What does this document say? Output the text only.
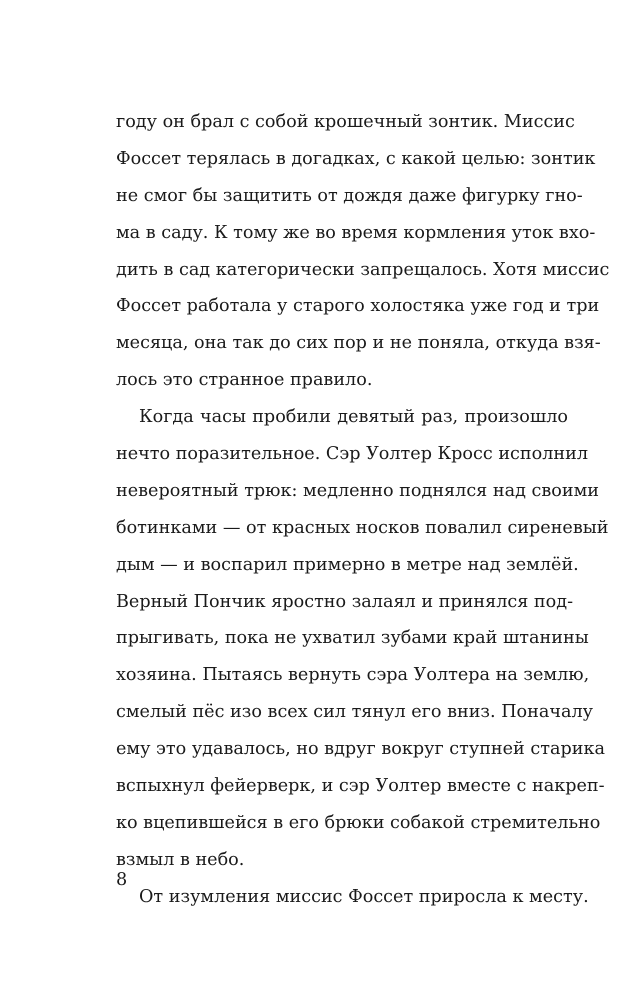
году он брал с собой крошечный зонтик. Миссис
Фоссет терялась в догадках, с какой целью: зонтик
не смог бы защитить от дождя даже фигурку гно-
ма в саду. К тому же во время кормления уток вхо-
дить в сад категорически запрещалось. Хотя миссис
Фоссет работала у старого холостяка уже год и три
месяца, она так до сих пор и не поняла, откуда взя-
лось это странное правило.
Когда часы пробили девятый раз, произошло
нечто поразительное. Сэр Уолтер Кросс исполнил
невероятный трюк: медленно поднялся над своими
ботинками — от красных носков повалил сиреневый
дым — и воспарил примерно в метре над землёй.
Верный Пончик яростно залаял и принялся под-
прыгивать, пока не ухватил зубами край штанины
хозяина. Пытаясь вернуть сэра Уолтера на землю,
смелый пёс изо всех сил тянул его вниз. Поначалу
ему это удавалось, но вдруг вокруг ступней старика
вспыхнул фейерверк, и сэр Уолтер вместе с накреп-
ко вцепившейся в его брюки собакой стремительно
взмыл в небо.
От изумления миссис Фоссет приросла к месту.
8
